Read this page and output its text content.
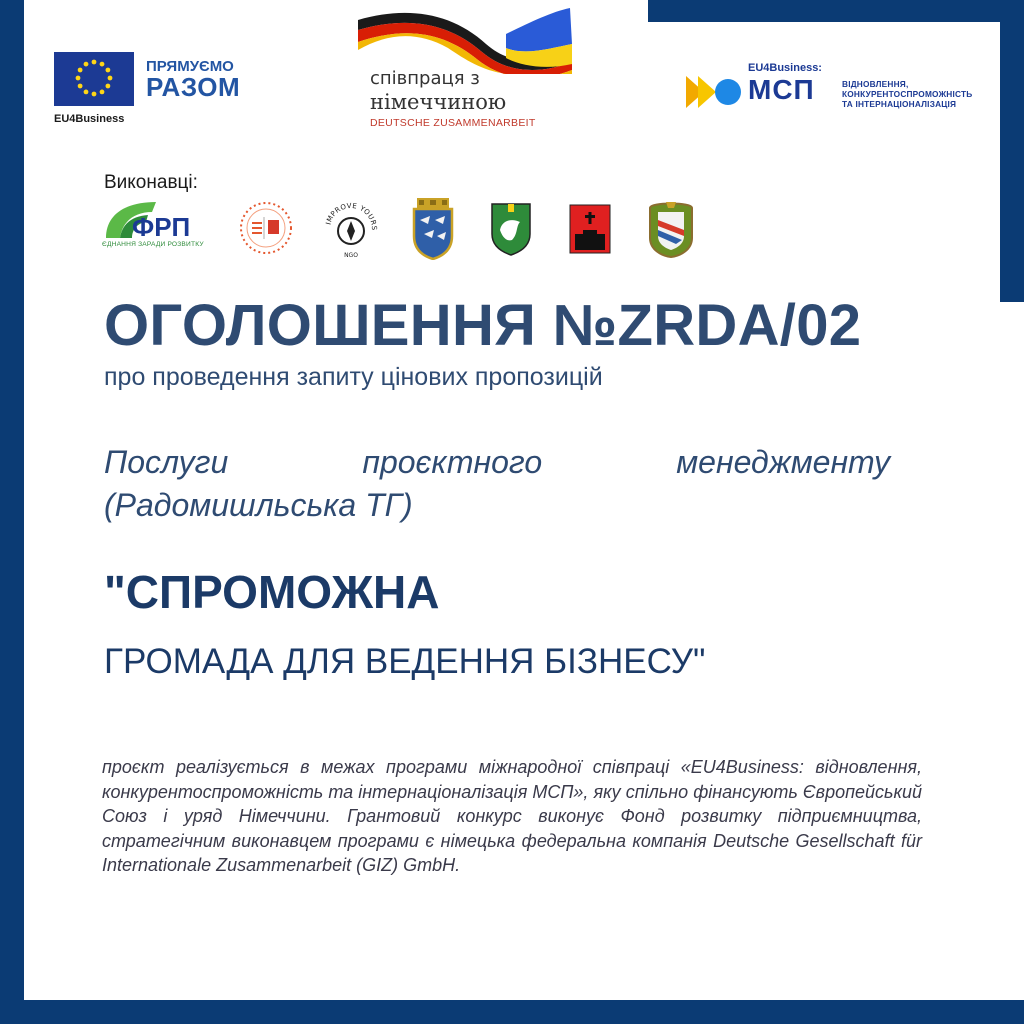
ПРЯМУЄМО
РАЗОМ
EU4Business
співпраця з
німеччиною
DEUTSCHE ZUSAMMENARBEIT
EU4Business:
МСП	ВІДНОВЛЕННЯ,
КОНКУРЕНТОСПРОМОЖНІСТЬ
ТА ІНТЕРНАЦІОНАЛІЗАЦІЯ
Виконавці:
ФРП
ЄДНАННЯ ЗАРАДИ РОЗВИТКУ
IMPROVE YOURS
NGO
ОГОЛОШЕННЯ №ZRDA/02
про проведення запиту цінових пропозицій
Послуги проєктного менеджменту (Радомишльська ТГ)
"СПРОМОЖНА
ГРОМАДА ДЛЯ ВЕДЕННЯ БІЗНЕСУ"
проєкт реалізується в межах програми міжнародної співпраці «EU4Business: відновлення, конкурентоспроможність та інтернаціоналізація МСП», яку спільно фінансують Європейський Союз і уряд Німеччини. Грантовий конкурс виконує Фонд розвитку підприємництва, стратегічним виконавцем програми є німецька федеральна компанія Deutsche Gesellschaft für Internationale Zusammenarbeit (GIZ) GmbH.
